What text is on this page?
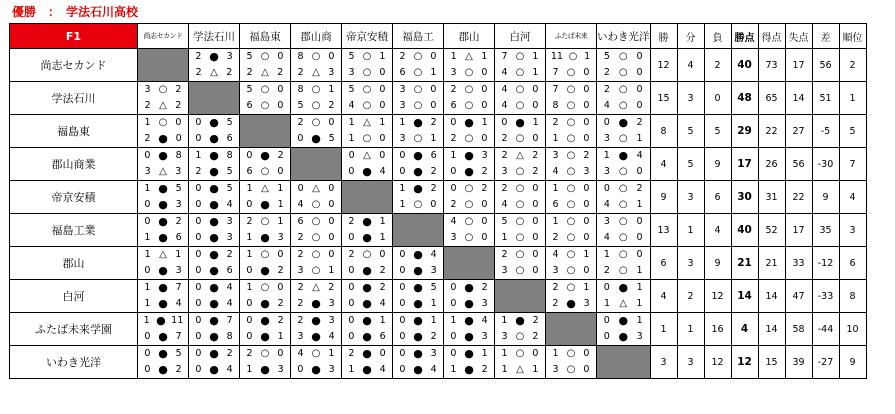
優勝　：　学法石川高校
F1	尚志セカンド	学法石川	福島東	郡山商	帝京安積	福島工	郡山	白河	ふたば未来	いわき光洋	勝	分	負	勝点	得点	失点	差	順位
尚志セカンド		2 ● 3	5 ○ 0	8 ○ 0	5 ○ 1	2 ○ 0	1 △ 1	7 ○ 1	11 ○ 1	5 ○ 0	12	4	2	40	73	17	56	2

		2 △ 2	2 △ 2	2 △ 3	3 ○ 0	6 ○ 1	3 ○ 0	4 ○ 1	7 ○ 0	2 ○ 0								

学法石川	3 ○ 2		5 ○ 0	8 ○ 1	5 ○ 0	3 ○ 0	2 ○ 0	4 ○ 0	7 ○ 0	2 ○ 0	15	3	0	48	65	14	51	1

	2 △ 2		6 ○ 0	5 ○ 2	4 ○ 0	3 ○ 0	6 ○ 0	4 ○ 0	8 ○ 0	4 ○ 0								

福島東	1 ○ 0	0 ● 5		2 ○ 0	1 △ 1	1 ● 2	0 ● 1	0 ● 1	2 ○ 0	0 ● 2	8	5	5	29	22	27	-5	5

	2 ● 0	0 ● 6		0 ● 5	1 ○ 0	3 ○ 1	2 ○ 0	2 ○ 0	1 ○ 0	3 ○ 1								

郡山商業	0 ● 8	1 ● 8	0 ● 2		0 △ 0	0 ● 6	1 ● 3	2 △ 2	3 ○ 2	1 ● 4	4	5	9	17	26	56	-30	7

	3 △ 3	2 ● 5	6 ○ 0		0 ● 4	0 ● 2	0 ● 2	3 ○ 2	4 ○ 3	3 ○ 0								

帝京安積	1 ● 5	0 ● 5	1 △ 1	0 △ 0		1 ● 2	0 ○ 2	2 ○ 0	1 ○ 0	0 ○ 2	9	3	6	30	31	22	9	4

	0 ● 3	0 ● 4	0 ● 1	4 ○ 0		1 ○ 0	2 ○ 0	4 ○ 0	6 ○ 0	4 ○ 1								

福島工業	0 ● 2	0 ● 3	2 ○ 1	6 ○ 0	2 ● 1		4 ○ 0	5 ○ 0	1 ○ 0	3 ○ 0	13	1	4	40	52	17	35	3

	1 ● 6	0 ● 3	1 ● 3	2 ○ 0	0 ● 1		3 ○ 0	1 ○ 0	2 ○ 0	4 ○ 0								

郡山	1 △ 1	0 ● 2	1 ○ 0	2 ○ 0	2 ○ 0	0 ● 4		2 ○ 0	4 ○ 1	1 ○ 0	6	3	9	21	21	33	-12	6

	0 ● 3	0 ● 6	0 ● 2	3 ○ 1	0 ● 2	0 ● 3		3 ○ 0	3 ○ 0	2 ○ 1								

白河	1 ● 7	0 ● 4	1 ○ 0	2 △ 2	0 ● 2	0 ● 5	0 ● 2		2 ○ 1	0 ● 1	4	2	12	14	14	47	-33	8

	1 ● 4	0 ● 4	0 ● 2	2 ● 3	0 ● 4	0 ● 1	0 ● 3		2 ● 3	1 △ 1								

ふたば未来学園	1 ● 11	0 ● 7	0 ● 2	2 ● 3	0 ● 1	0 ● 1	1 ● 4	1 ● 2		0 ● 1	1	1	16	4	14	58	-44	10

	0 ● 7	0 ● 8	0 ● 1	3 ● 4	0 ● 6	0 ● 2	0 ● 3	3 ○ 2		0 ● 3								

いわき光洋	0 ● 5	0 ● 2	2 ○ 0	4 ○ 1	2 ● 0	0 ● 3	0 ● 1	1 ○ 0	1 ○ 0		3	3	12	12	15	39	-27	9

	0 ● 2	0 ● 4	1 ● 3	0 ● 3	1 ● 4	0 ● 4	1 ● 2	1 △ 1	3 ○ 0									
